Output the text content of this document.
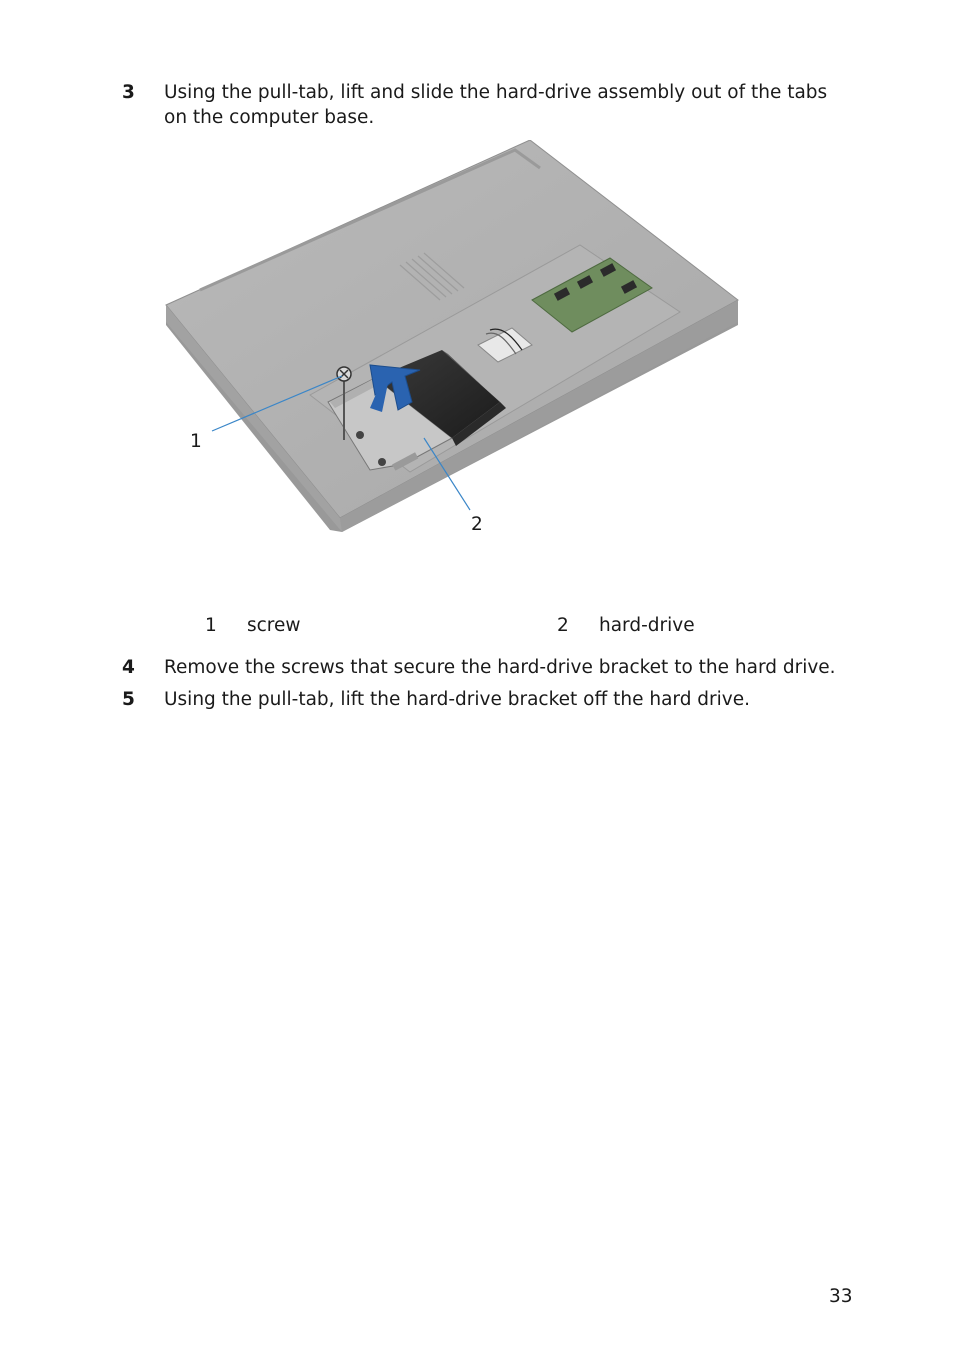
3	Using the pull-tab, lift and slide the hard-drive assembly out of the tabs on the computer base.
1
2
1 screw	2 hard-drive
4	Remove the screws that secure the hard-drive bracket to the hard drive.
5	Using the pull-tab, lift the hard-drive bracket off the hard drive.
33
